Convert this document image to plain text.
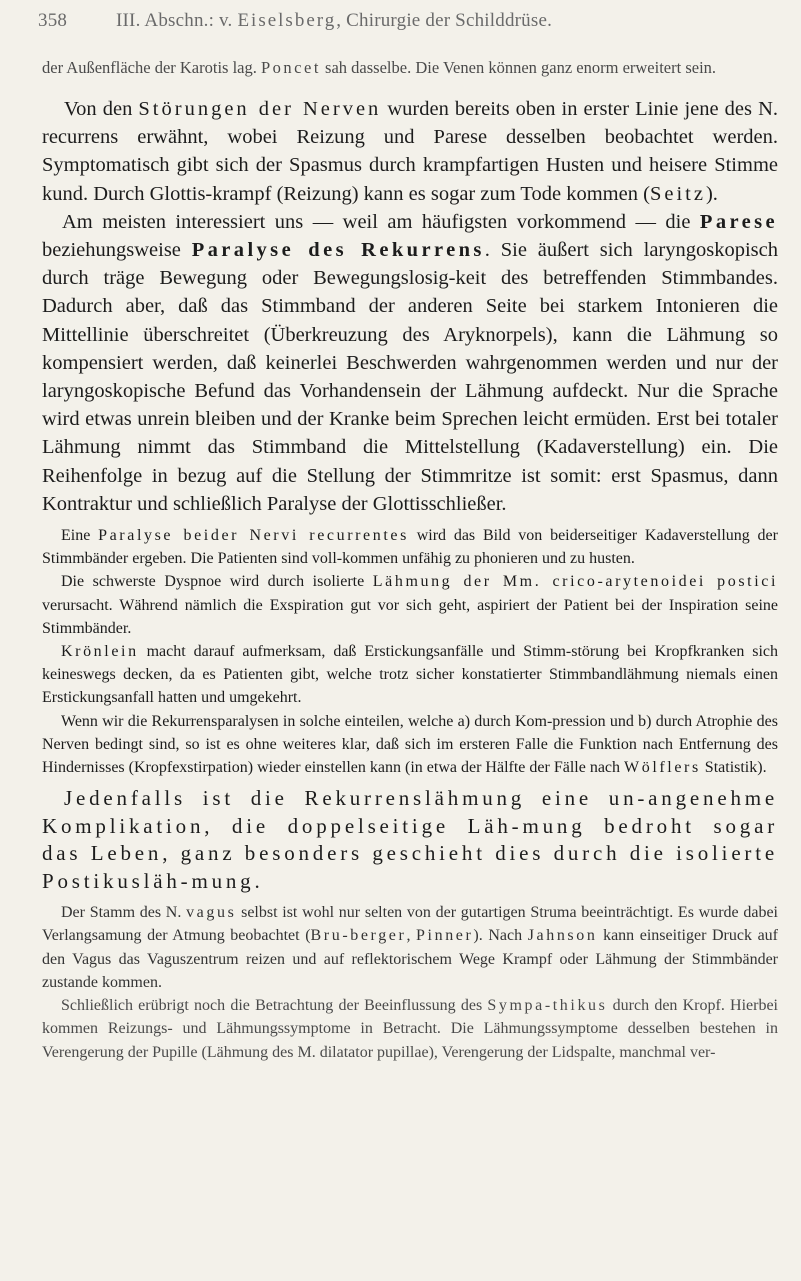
358	III. Abschn.: v. Eiselsberg, Chirurgie der Schilddrüse.

der Außenfläche der Karotis lag. Poncet sah dasselbe. Die Venen können ganz enorm erweitert sein.

Von den Störungen der Nerven wurden bereits oben in erster Linie jene des N. recurrens erwähnt, wobei Reizung und Parese desselben beobachtet werden. Symptomatisch gibt sich der Spasmus durch krampfartigen Husten und heisere Stimme kund. Durch Glottis-krampf (Reizung) kann es sogar zum Tode kommen (Seitz).

Am meisten interessiert uns — weil am häufigsten vorkommend — die Parese beziehungsweise Paralyse des Rekurrens. Sie äußert sich laryngoskopisch durch träge Bewegung oder Bewegungslosig-keit des betreffenden Stimmbandes. Dadurch aber, daß das Stimmband der anderen Seite bei starkem Intonieren die Mittellinie überschreitet (Überkreuzung des Aryknorpels), kann die Lähmung so kompensiert werden, daß keinerlei Beschwerden wahrgenommen werden und nur der laryngoskopische Befund das Vorhandensein der Lähmung aufdeckt. Nur die Sprache wird etwas unrein bleiben und der Kranke beim Sprechen leicht ermüden. Erst bei totaler Lähmung nimmt das Stimmband die Mittelstellung (Kadaverstellung) ein. Die Reihenfolge in bezug auf die Stellung der Stimmritze ist somit: erst Spasmus, dann Kontraktur und schließlich Paralyse der Glottisschließer.

Eine Paralyse beider Nervi recurrentes wird das Bild von beiderseitiger Kadaverstellung der Stimmbänder ergeben. Die Patienten sind voll-kommen unfähig zu phonieren und zu husten.

Die schwerste Dyspnoe wird durch isolierte Lähmung der Mm. crico-arytenoidei postici verursacht. Während nämlich die Exspiration gut vor sich geht, aspiriert der Patient bei der Inspiration seine Stimmbänder.

Krönlein macht darauf aufmerksam, daß Erstickungsanfälle und Stimm-störung bei Kropfkranken sich keineswegs decken, da es Patienten gibt, welche trotz sicher konstatierter Stimmbandlähmung niemals einen Erstickungsanfall hatten und umgekehrt.

Wenn wir die Rekurrensparalysen in solche einteilen, welche a) durch Kom-pression und b) durch Atrophie des Nerven bedingt sind, so ist es ohne weiteres klar, daß sich im ersteren Falle die Funktion nach Entfernung des Hindernisses (Kropfexstirpation) wieder einstellen kann (in etwa der Hälfte der Fälle nach Wölflers Statistik).

Jedenfalls ist die Rekurrenslähmung eine un-angenehme Komplikation, die doppelseitige Läh-mung bedroht sogar das Leben, ganz besonders geschieht dies durch die isolierte Postikusläh-mung.

Der Stamm des N. vagus selbst ist wohl nur selten von der gutartigen Struma beeinträchtigt. Es wurde dabei Verlangsamung der Atmung beobachtet (Bru-berger, Pinner). Nach Jahnson kann einseitiger Druck auf den Vagus das Vaguszentrum reizen und auf reflektorischem Wege Krampf oder Lähmung der Stimmbänder zustande kommen.

Schließlich erübrigt noch die Betrachtung der Beeinflussung des Sympa-thikus durch den Kropf. Hierbei kommen Reizungs- und Lähmungssymptome in Betracht. Die Lähmungssymptome desselben bestehen in Verengerung der Pupille (Lähmung des M. dilatator pupillae), Verengerung der Lidspalte, manchmal ver-
